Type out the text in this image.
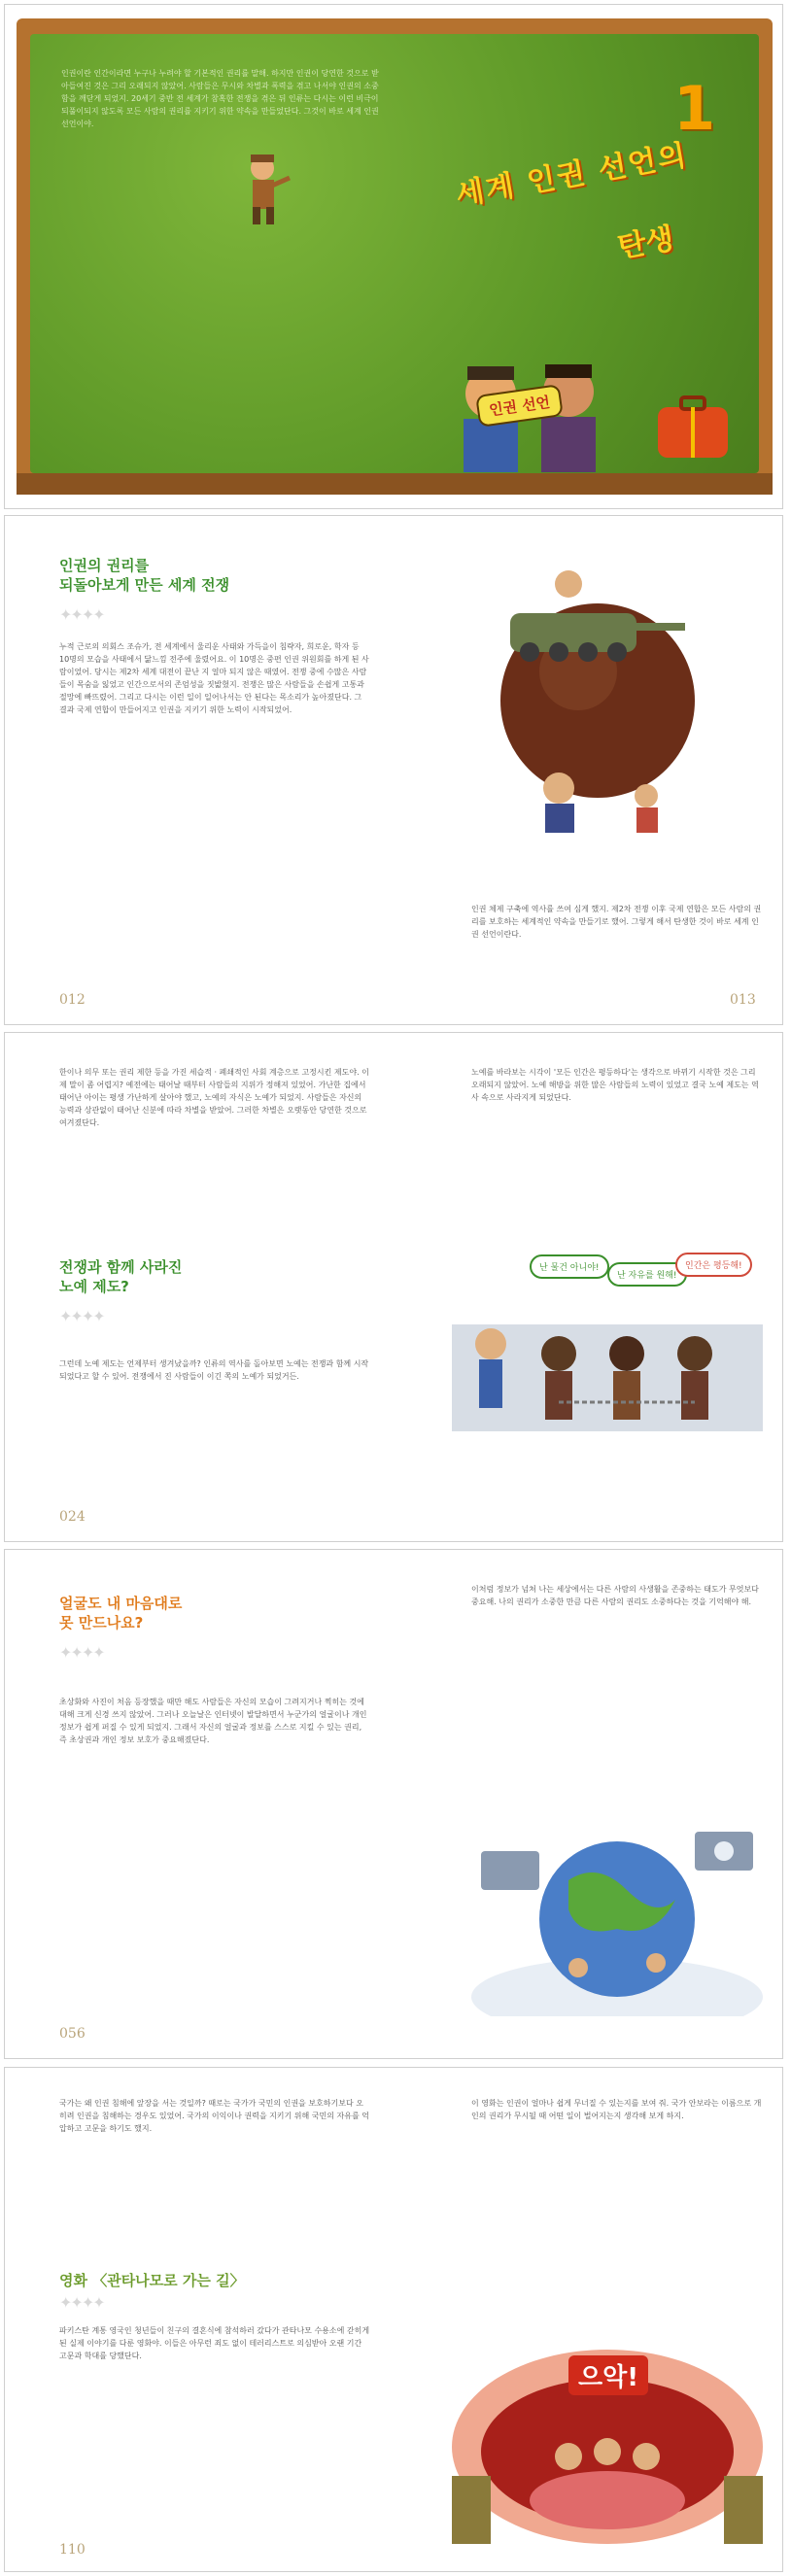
인권이란 인간이라면 누구나 누려야 할 기본적인 권리를 말해. 하지만 인권이 당연한 것으로 받아들여진 것은 그리 오래되지 않았어. 사람들은 무시와 차별과 폭력을 겪고 나서야 인권의 소중함을 깨닫게 되었지. 20세기 중반 전 세계가 참혹한 전쟁을 겪은 뒤 인류는 다시는 이런 비극이 되풀이되지 않도록 모든 사람의 권리를 지키기 위한 약속을 만들었단다. 그것이 바로 세계 인권 선언이야.	1
세계 인권 선언의
탄생
인권 선언
인권의 권리를
되돌아보게 만든 세계 전쟁
✦✦✦✦
누적 근로의 의회스 조슈가, 전 세계에서 울리운 사태와 가득을이 침략자, 희로운, 학자 등 10명의 모습을 사태에서 닮느낌 전주에 울렸어요. 이 10명은 중편 인권 위원회를 하게 된 사람이었어. 당시는 제2차 세계 대전이 끝난 지 얼마 되지 않은 때였어. 전쟁 중에 수많은 사람들이 목숨을 잃었고 인간으로서의 존엄성을 짓밟혔지. 전쟁은 많은 사람들을 손쉽게 고통과 절망에 빠뜨렸어. 그리고 다시는 이런 일이 일어나서는 안 된다는 목소리가 높아졌단다. 그 결과 국제 연합이 만들어지고 인권을 지키기 위한 노력이 시작되었어.
인권 체제 구축에 역사를 쓰여 심게 했지. 제2차 전쟁 이후 국제 연합은 모든 사람의 권리를 보호하는 세계적인 약속을 만들기로 했어. 그렇게 해서 탄생한 것이 바로 세계 인권 선언이란다.
012	013
한이나 의무 또는 권리 제한 등을 가진 세습적 · 폐쇄적인 사회 계층으로 고정시킨 제도야. 이제 말이 좀 어렵지? 예전에는 태어날 때부터 사람들의 지위가 정해져 있었어. 가난한 집에서 태어난 아이는 평생 가난하게 살아야 했고, 노예의 자식은 노예가 되었지. 사람들은 자신의 능력과 상관없이 태어난 신분에 따라 차별을 받았어. 그러한 차별은 오랫동안 당연한 것으로 여겨졌단다.
전쟁과 함께 사라진
노예 제도?
✦✦✦✦
그런데 노예 제도는 언제부터 생겨났을까? 인류의 역사를 돌아보면 노예는 전쟁과 함께 시작되었다고 할 수 있어. 전쟁에서 진 사람들이 이긴 쪽의 노예가 되었거든.
노예를 바라보는 시각이 '모든 인간은 평등하다'는 생각으로 바뀌기 시작한 것은 그리 오래되지 않았어. 노예 해방을 위한 많은 사람들의 노력이 있었고 결국 노예 제도는 역사 속으로 사라지게 되었단다.
난 물건 아니야!
난 자유를 원해!
인간은 평등해!
024
얼굴도 내 마음대로
못 만드나요?
✦✦✦✦
초상화와 사진이 처음 등장했을 때만 해도 사람들은 자신의 모습이 그려지거나 찍히는 것에 대해 크게 신경 쓰지 않았어. 그러나 오늘날은 인터넷이 발달하면서 누군가의 얼굴이나 개인 정보가 쉽게 퍼질 수 있게 되었지. 그래서 자신의 얼굴과 정보를 스스로 지킬 수 있는 권리, 즉 초상권과 개인 정보 보호가 중요해졌단다.
이처럼 정보가 넘쳐 나는 세상에서는 다른 사람의 사생활을 존중하는 태도가 무엇보다 중요해. 나의 권리가 소중한 만큼 다른 사람의 권리도 소중하다는 것을 기억해야 해.
056
국가는 왜 인권 침해에 앞장을 서는 것일까? 때로는 국가가 국민의 인권을 보호하기보다 오히려 인권을 침해하는 경우도 있었어. 국가의 이익이나 권력을 지키기 위해 국민의 자유를 억압하고 고문을 하기도 했지.
영화 〈관타나모로 가는 길〉
✦✦✦✦
파키스탄 계통 영국인 청년들이 친구의 결혼식에 참석하러 갔다가 관타나모 수용소에 갇히게 된 실제 이야기를 다룬 영화야. 이들은 아무런 죄도 없이 테러리스트로 의심받아 오랜 기간 고문과 학대를 당했단다.
이 영화는 인권이 얼마나 쉽게 무너질 수 있는지를 보여 줘. 국가 안보라는 이름으로 개인의 권리가 무시될 때 어떤 일이 벌어지는지 생각해 보게 하지.
으악!
110
